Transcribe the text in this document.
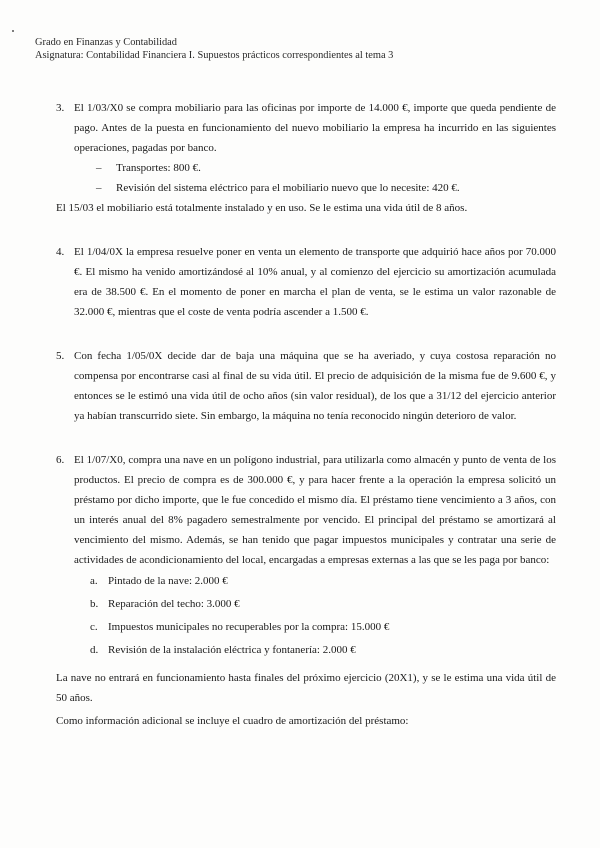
Grado en Finanzas y Contabilidad
Asignatura: Contabilidad Financiera I. Supuestos prácticos correspondientes al tema 3
3. El 1/03/X0 se compra mobiliario para las oficinas por importe de 14.000 €, importe que queda pendiente de pago. Antes de la puesta en funcionamiento del nuevo mobiliario la empresa ha incurrido en las siguientes operaciones, pagadas por banco.

– Transportes: 800 €.
– Revisión del sistema eléctrico para el mobiliario nuevo que lo necesite: 420 €.

El 15/03 el mobiliario está totalmente instalado y en uso. Se le estima una vida útil de 8 años.

4. El 1/04/0X la empresa resuelve poner en venta un elemento de transporte que adquirió hace años por 70.000 €. El mismo ha venido amortizándosé al 10% anual, y al comienzo del ejercicio su amortización acumulada era de 38.500 €. En el momento de poner en marcha el plan de venta, se le estima un valor razonable de 32.000 €, mientras que el coste de venta podría ascender a 1.500 €.

5. Con fecha 1/05/0X decide dar de baja una máquina que se ha averiado, y cuya costosa reparación no compensa por encontrarse casi al final de su vida útil. El precio de adquisición de la misma fue de 9.600 €, y entonces se le estimó una vida útil de ocho años (sin valor residual), de los que a 31/12 del ejercicio anterior ya habían transcurrido siete. Sin embargo, la máquina no tenía reconocido ningún deterioro de valor.

6. El 1/07/X0, compra una nave en un polígono industrial, para utilizarla como almacén y punto de venta de los productos. El precio de compra es de 300.000 €, y para hacer frente a la operación la empresa solicitó un préstamo por dicho importe, que le fue concedido el mismo día. El préstamo tiene vencimiento a 3 años, con un interés anual del 8% pagadero semestralmente por vencido. El principal del préstamo se amortizará al vencimiento del mismo. Además, se han tenido que pagar impuestos municipales y contratar una serie de actividades de acondicionamiento del local, encargadas a empresas externas a las que se les paga por banco:

a. Pintado de la nave: 2.000 €
b. Reparación del techo: 3.000 €
c. Impuestos municipales no recuperables por la compra: 15.000 €
d. Revisión de la instalación eléctrica y fontanería: 2.000 €

La nave no entrará en funcionamiento hasta finales del próximo ejercicio (20X1), y se le estima una vida útil de 50 años.

Como información adicional se incluye el cuadro de amortización del préstamo:
